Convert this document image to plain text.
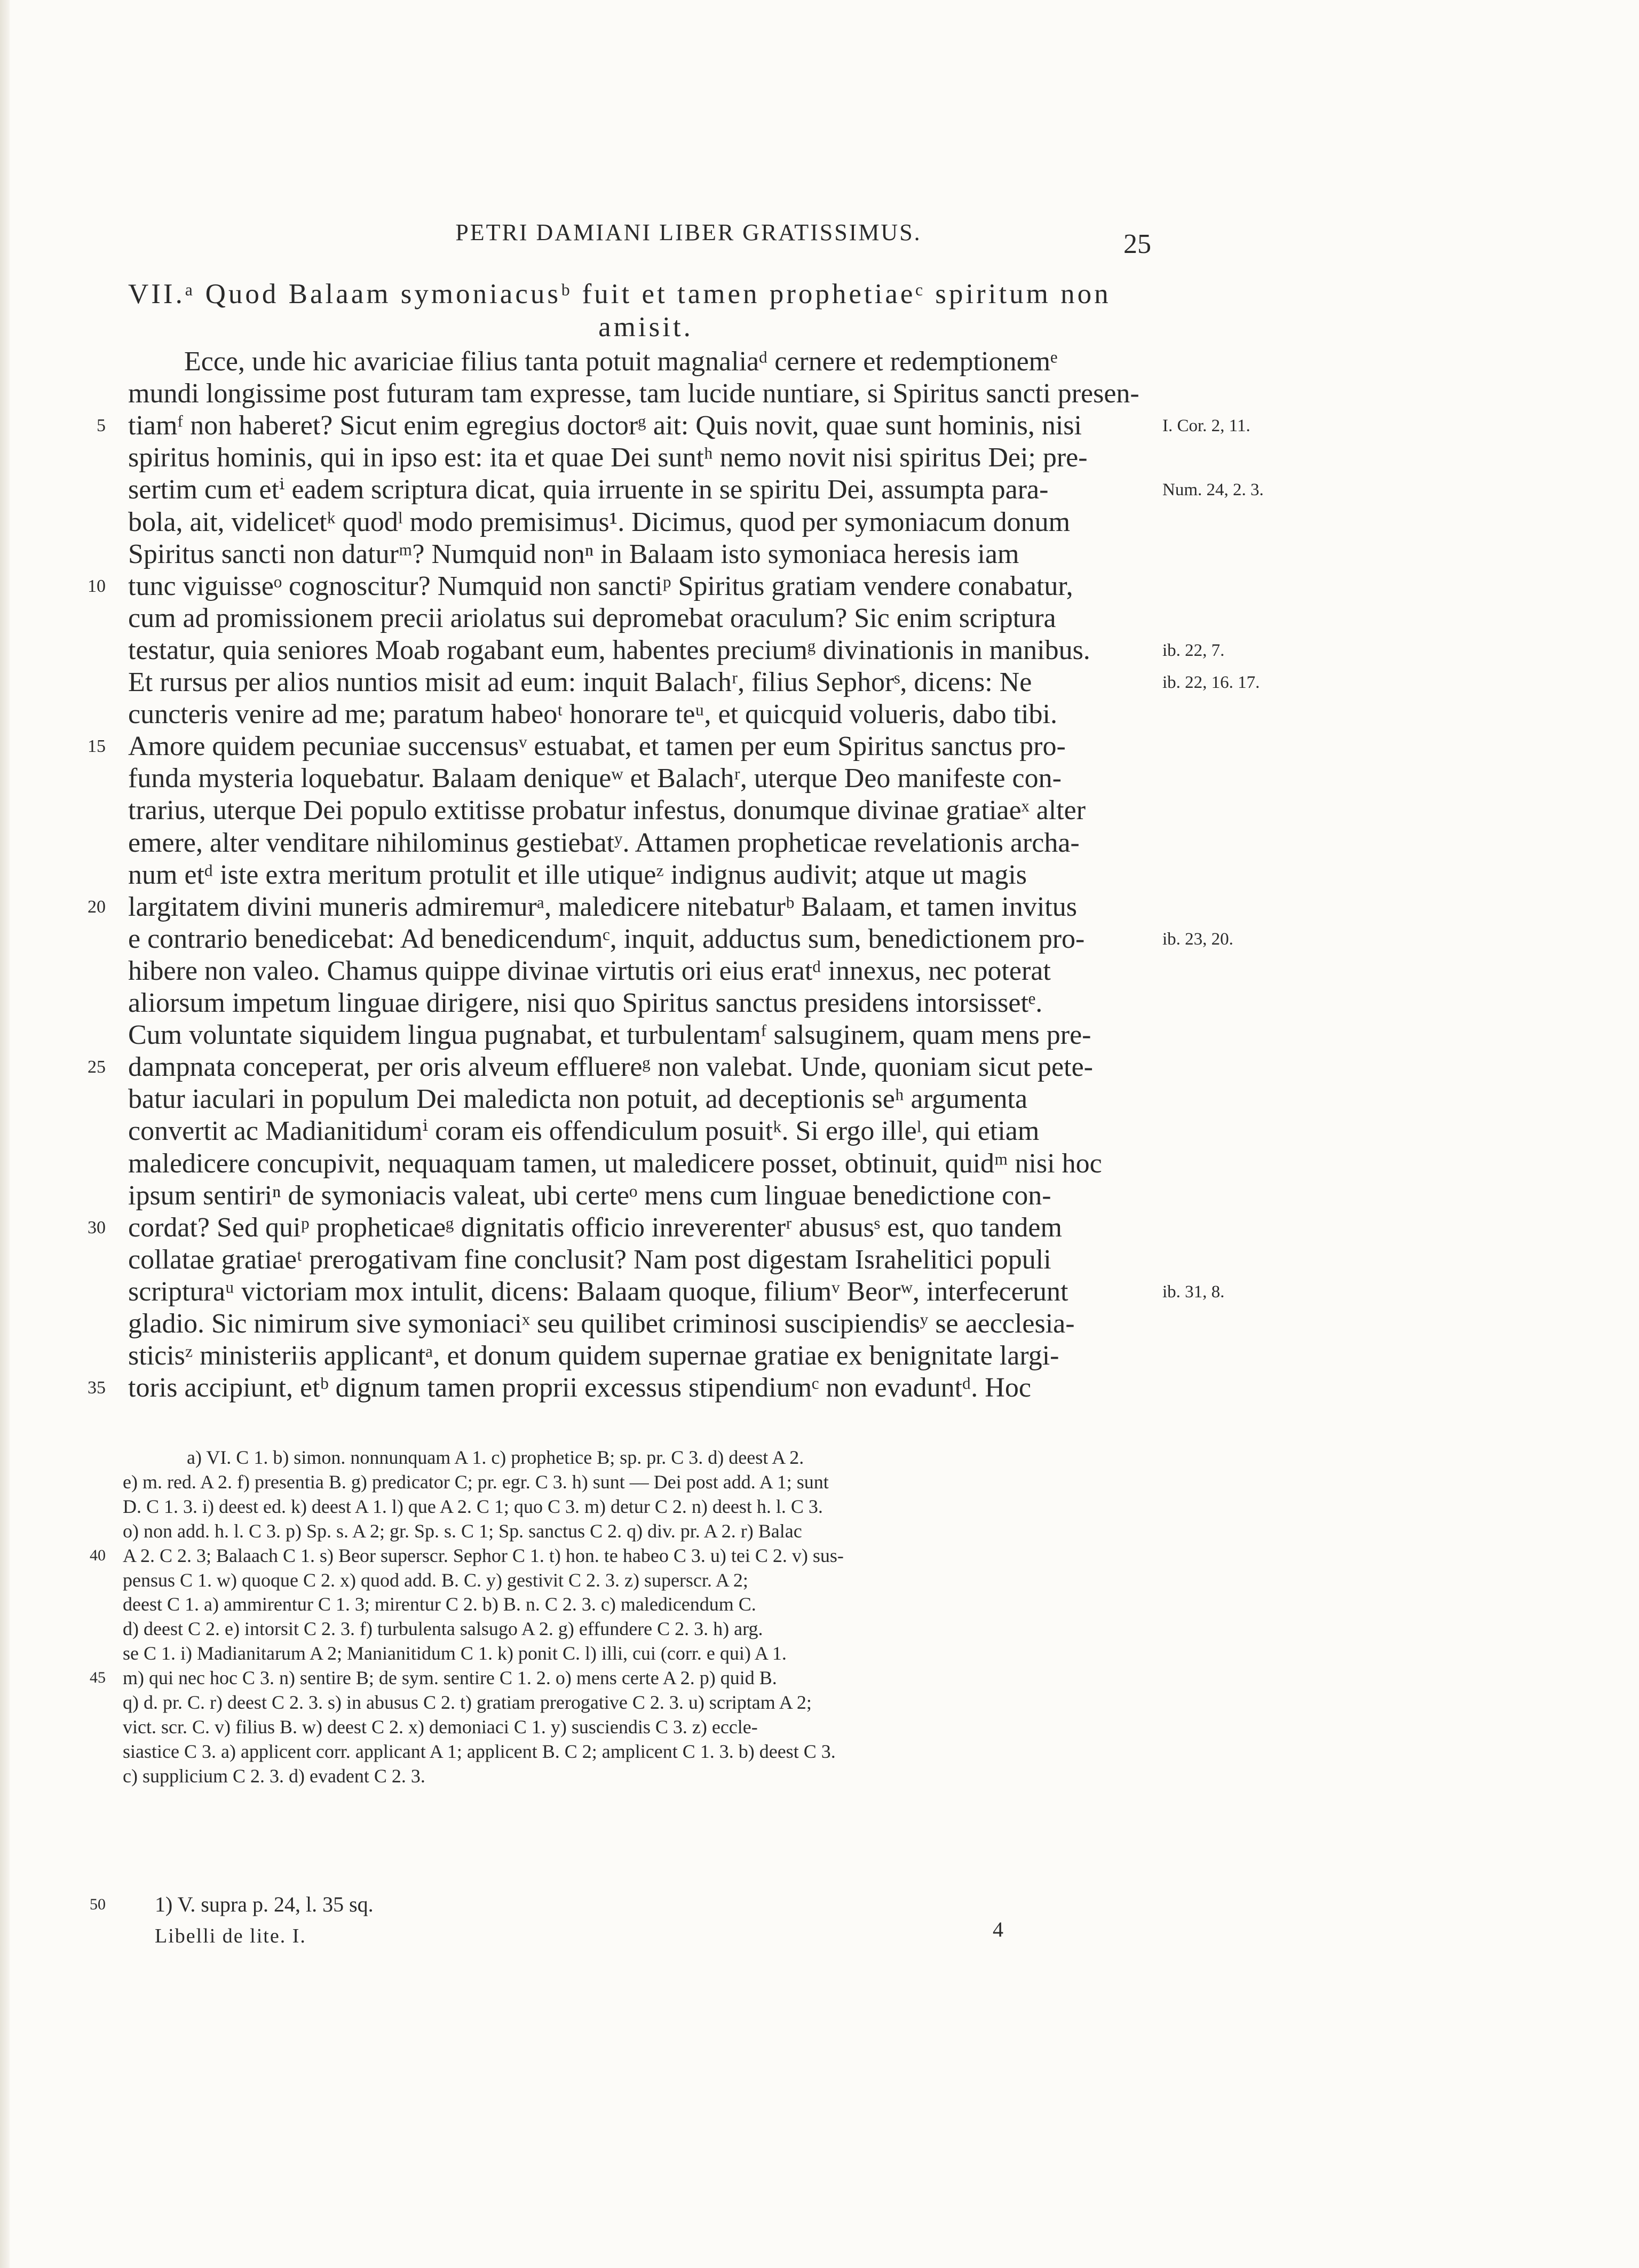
PETRI DAMIANI LIBER GRATISSIMUS.	25
VII.ᵃ Quod Balaam symoniacusᵇ fuit et tamen prophetiaeᶜ spiritum non
amisit.
Ecce, unde hic avariciae filius tanta potuit magnaliaᵈ cernere et redemptionemᵉ
mundi longissime post futuram tam expresse, tam lucide nuntiare, si Spiritus sancti presen-
tiamᶠ non haberet? Sicut enim egregius doctorᵍ ait: Quis novit, quae sunt hominis, nisi
5	I. Cor. 2, 11.
spiritus hominis, qui in ipso est: ita et quae Dei suntʰ nemo novit nisi spiritus Dei; pre-
sertim cum etⁱ eadem scriptura dicat, quia irruente in se spiritu Dei, assumpta para-	Num. 24, 2. 3.
bola, ait, videlicetᵏ quodˡ modo premisimus¹. Dicimus, quod per symoniacum donum
Spiritus sancti non daturᵐ? Numquid nonⁿ in Balaam isto symoniaca heresis iam
tunc viguisseᵒ cognoscitur? Numquid non sanctiᵖ Spiritus gratiam vendere conabatur,
10
cum ad promissionem precii ariolatus sui depromebat oraculum? Sic enim scriptura
testatur, quia seniores Moab rogabant eum, habentes preciumᵍ divinationis in manibus.	ib. 22, 7.
Et rursus per alios nuntios misit ad eum: inquit Balachʳ, filius Sephorˢ, dicens: Ne	ib. 22, 16. 17.
cuncteris venire ad me; paratum habeoᵗ honorare teᵘ, et quicquid volueris, dabo tibi.
Amore quidem pecuniae succensusᵛ estuabat, et tamen per eum Spiritus sanctus pro-
15
funda mysteria loquebatur. Balaam deniqueʷ et Balachʳ, uterque Deo manifeste con-
trarius, uterque Dei populo extitisse probatur infestus, donumque divinae gratiaeˣ alter
emere, alter venditare nihilominus gestiebatʸ. Attamen propheticae revelationis archa-
num etᵈ iste extra meritum protulit et ille utiqueᶻ indignus audivit; atque ut magis
largitatem divini muneris admiremurᵃ, maledicere nitebaturᵇ Balaam, et tamen invitus
20
e contrario benedicebat: Ad benedicendumᶜ, inquit, adductus sum, benedictionem pro-	ib. 23, 20.
hibere non valeo. Chamus quippe divinae virtutis ori eius eratᵈ innexus, nec poterat
aliorsum impetum linguae dirigere, nisi quo Spiritus sanctus presidens intorsissetᵉ.
Cum voluntate siquidem lingua pugnabat, et turbulentamᶠ salsuginem, quam mens pre-
dampnata conceperat, per oris alveum effluereᵍ non valebat. Unde, quoniam sicut pete-
25
batur iaculari in populum Dei maledicta non potuit, ad deceptionis seʰ argumenta
convertit ac Madianitidumⁱ coram eis offendiculum posuitᵏ. Si ergo illeˡ, qui etiam
maledicere concupivit, nequaquam tamen, ut maledicere posset, obtinuit, quidᵐ nisi hoc
ipsum sentiriⁿ de symoniacis valeat, ubi certeᵒ mens cum linguae benedictione con-
cordat? Sed quiᵖ propheticaeᵍ dignitatis officio inreverenterʳ abususˢ est, quo tandem
30
collatae gratiaeᵗ prerogativam fine conclusit? Nam post digestam Israhelitici populi
scripturaᵘ victoriam mox intulit, dicens: Balaam quoque, filiumᵛ Beorʷ, interfecerunt	ib. 31, 8.
gladio. Sic nimirum sive symoniaciˣ seu quilibet criminosi suscipiendisʸ se aecclesia-
sticisᶻ ministeriis applicantᵃ, et donum quidem supernae gratiae ex benignitate largi-
toris accipiunt, etᵇ dignum tamen proprii excessus stipendiumᶜ non evaduntᵈ. Hoc
35
a) VI. C 1. b) simon. nonnunquam A 1. c) prophetice B; sp. pr. C 3. d) deest A 2.
e) m. red. A 2. f) presentia B. g) predicator C; pr. egr. C 3. h) sunt — Dei post add. A 1; sunt
D. C 1. 3. i) deest ed. k) deest A 1. l) que A 2. C 1; quo C 3. m) detur C 2. n) deest h. l. C 3.
o) non add. h. l. C 3. p) Sp. s. A 2; gr. Sp. s. C 1; Sp. sanctus C 2. q) div. pr. A 2. r) Balac
A 2. C 2. 3; Balaach C 1. s) Beor superscr. Sephor C 1. t) hon. te habeo C 3. u) tei C 2. v) sus-
40
pensus C 1. w) quoque C 2. x) quod add. B. C. y) gestivit C 2. 3. z) superscr. A 2;
deest C 1. a) ammirentur C 1. 3; mirentur C 2. b) B. n. C 2. 3. c) maledicendum C.
d) deest C 2. e) intorsit C 2. 3. f) turbulenta salsugo A 2. g) effundere C 2. 3. h) arg.
se C 1. i) Madianitarum A 2; Manianitidum C 1. k) ponit C. l) illi, cui (corr. e qui) A 1.
m) qui nec hoc C 3. n) sentire B; de sym. sentire C 1. 2. o) mens certe A 2. p) quid B.
45
q) d. pr. C. r) deest C 2. 3. s) in abusus C 2. t) gratiam prerogative C 2. 3. u) scriptam A 2;
vict. scr. C. v) filius B. w) deest C 2. x) demoniaci C 1. y) susciendis C 3. z) eccle-
siastice C 3. a) applicent corr. applicant A 1; applicent B. C 2; amplicent C 1. 3. b) deest C 3.
c) supplicium C 2. 3. d) evadent C 2. 3.
50 1) V. supra p. 24, l. 35 sq.
Libelli de lite. I.	4
